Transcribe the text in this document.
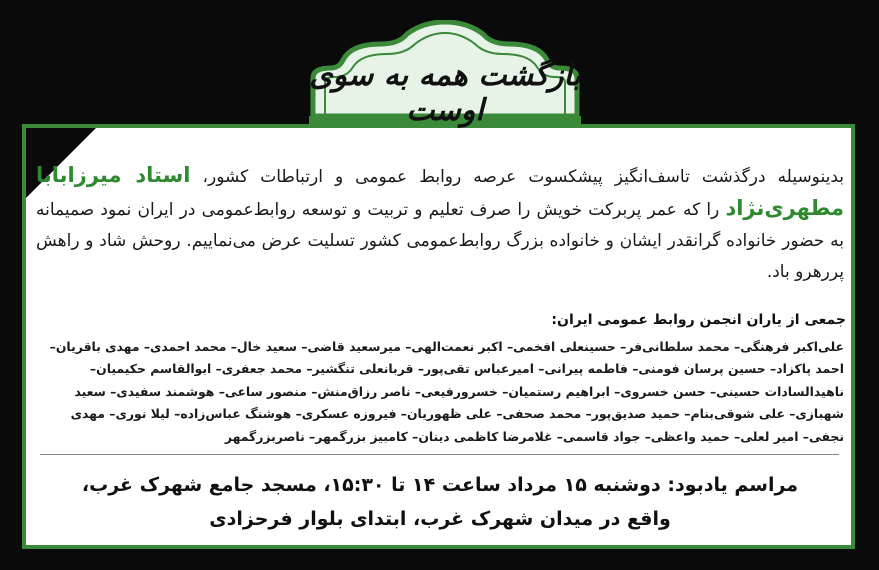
بازگشت همه به سوی اوست
بدینوسیله درگذشت تاسف‌انگیز پیشکسوت عرصه روابط عمومی و ارتباطات کشور، استاد میرزابابا مطهری‌نژاد را که عمر پربرکت خویش را صرف تعلیم و تربیت و توسعه روابط‌عمومی در ایران نمود صمیمانه به حضور خانواده گرانقدر ایشان و خانواده بزرگ روابط‌عمومی کشور تسلیت عرض می‌نماییم. روحش شاد و راهش پررهرو باد.
جمعی از یاران انجمن روابط عمومی ایران:
علی‌اکبر فرهنگی– محمد سلطانی‌فر– حسینعلی افخمی– اکبر نعمت‌الهی– میرسعید قاضی– سعید خال– محمد احمدی– مهدی باقریان– احمد پاکزاد– حسین پرسان فومنی– فاطمه پیرانی– امیرعباس تقی‌پور– قربانعلی تنگشیر– محمد جعفری– ابوالقاسم حکیمیان– ناهیدالسادات حسینی– حسن خسروی– ابراهیم رستمیان– خسرورفیعی– ناصر رزاق‌منش– منصور ساعی– هوشمند سفیدی– سعید شهبازی– علی شوقی‌بنام– حمید صدیق‌پور– محمد صحفی– علی ظهوریان– فیروزه عسکری– هوشنگ عباس‌زاده– لیلا نوری– مهدی نجفی– امیر لعلی– حمید واعظی– جواد قاسمی– غلامرضا کاظمی دینان– کامبیز بزرگمهر– ناصربزرگمهر
مراسم یادبود: دوشنبه ۱۵ مرداد ساعت ۱۴ تا ۱۵:۳۰، مسجد جامع شهرک غرب،
واقع در میدان شهرک غرب، ابتدای بلوار فرحزادی
